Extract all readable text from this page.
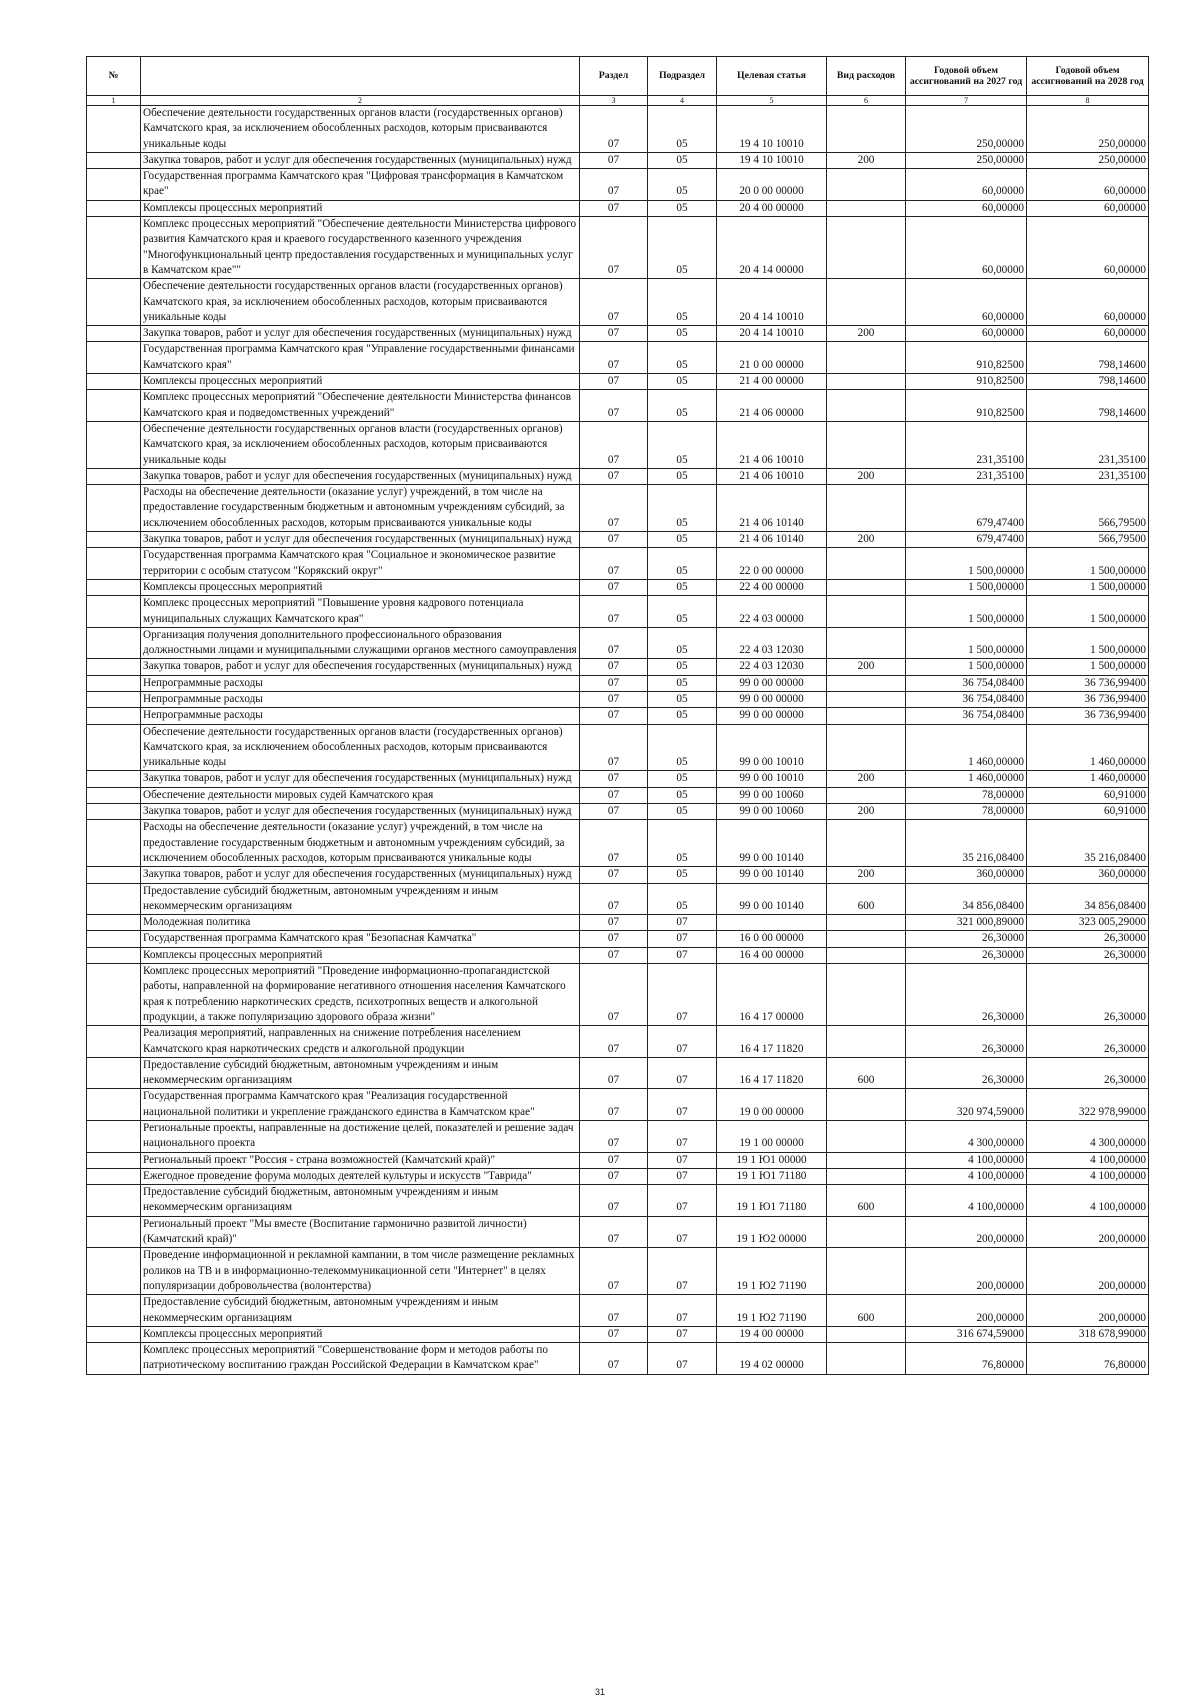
№		Раздел	Подраздел	Целевая статья	Вид расходов	Годовой объем ассигнований на 2027 год	Годовой объем ассигнований на 2028 год
1	2	3	4	5	6	7	8
	Обеспечение деятельности государственных органов власти (государственных органов) Камчатского края, за исключением обособленных расходов, которым присваиваются уникальные коды	07	05	19 4 10 10010		250,00000	250,00000
	Закупка товаров, работ и услуг для обеспечения государственных (муниципальных) нужд	07	05	19 4 10 10010	200	250,00000	250,00000
	Государственная программа Камчатского края "Цифровая трансформация в Камчатском крае"	07	05	20 0 00 00000		60,00000	60,00000
	Комплексы процессных мероприятий	07	05	20 4 00 00000		60,00000	60,00000
	Комплекс процессных мероприятий "Обеспечение деятельности Министерства цифрового развития Камчатского края и краевого государственного казенного учреждения "Многофункциональный центр предоставления государственных и муниципальных услуг в Камчатском крае""	07	05	20 4 14 00000		60,00000	60,00000
	Обеспечение деятельности государственных органов власти (государственных органов) Камчатского края, за исключением обособленных расходов, которым присваиваются уникальные коды	07	05	20 4 14 10010		60,00000	60,00000
	Закупка товаров, работ и услуг для обеспечения государственных (муниципальных) нужд	07	05	20 4 14 10010	200	60,00000	60,00000
	Государственная программа Камчатского края "Управление государственными финансами Камчатского края"	07	05	21 0 00 00000		910,82500	798,14600
	Комплексы процессных мероприятий	07	05	21 4 00 00000		910,82500	798,14600
	Комплекс процессных мероприятий "Обеспечение деятельности Министерства финансов Камчатского края и подведомственных учреждений"	07	05	21 4 06 00000		910,82500	798,14600
	Обеспечение деятельности государственных органов власти (государственных органов) Камчатского края, за исключением обособленных расходов, которым присваиваются уникальные коды	07	05	21 4 06 10010		231,35100	231,35100
	Закупка товаров, работ и услуг для обеспечения государственных (муниципальных) нужд	07	05	21 4 06 10010	200	231,35100	231,35100
	Расходы на обеспечение деятельности (оказание услуг) учреждений, в том числе на предоставление государственным бюджетным и автономным учреждениям субсидий, за исключением обособленных расходов, которым присваиваются уникальные коды	07	05	21 4 06 10140		679,47400	566,79500
	Закупка товаров, работ и услуг для обеспечения государственных (муниципальных) нужд	07	05	21 4 06 10140	200	679,47400	566,79500
	Государственная программа Камчатского края "Социальное и экономическое развитие территории с особым статусом "Корякский округ"	07	05	22 0 00 00000		1 500,00000	1 500,00000
	Комплексы процессных мероприятий	07	05	22 4 00 00000		1 500,00000	1 500,00000
	Комплекс процессных мероприятий "Повышение уровня кадрового потенциала муниципальных служащих Камчатского края"	07	05	22 4 03 00000		1 500,00000	1 500,00000
	Организация получения дополнительного профессионального образования должностными лицами и муниципальными служащими органов местного самоуправления	07	05	22 4 03 12030		1 500,00000	1 500,00000
	Закупка товаров, работ и услуг для обеспечения государственных (муниципальных) нужд	07	05	22 4 03 12030	200	1 500,00000	1 500,00000
	Непрограммные расходы	07	05	99 0 00 00000		36 754,08400	36 736,99400
	Непрограммные расходы	07	05	99 0 00 00000		36 754,08400	36 736,99400
	Непрограммные расходы	07	05	99 0 00 00000		36 754,08400	36 736,99400
	Обеспечение деятельности государственных органов власти (государственных органов) Камчатского края, за исключением обособленных расходов, которым присваиваются уникальные коды	07	05	99 0 00 10010		1 460,00000	1 460,00000
	Закупка товаров, работ и услуг для обеспечения государственных (муниципальных) нужд	07	05	99 0 00 10010	200	1 460,00000	1 460,00000
	Обеспечение деятельности мировых судей Камчатского края	07	05	99 0 00 10060		78,00000	60,91000
	Закупка товаров, работ и услуг для обеспечения государственных (муниципальных) нужд	07	05	99 0 00 10060	200	78,00000	60,91000
	Расходы на обеспечение деятельности (оказание услуг) учреждений, в том числе на предоставление государственным бюджетным и автономным учреждениям субсидий, за исключением обособленных расходов, которым присваиваются уникальные коды	07	05	99 0 00 10140		35 216,08400	35 216,08400
	Закупка товаров, работ и услуг для обеспечения государственных (муниципальных) нужд	07	05	99 0 00 10140	200	360,00000	360,00000
	Предоставление субсидий бюджетным, автономным учреждениям и иным некоммерческим организациям	07	05	99 0 00 10140	600	34 856,08400	34 856,08400
	Молодежная политика	07	07			321 000,89000	323 005,29000
	Государственная программа Камчатского края "Безопасная Камчатка"	07	07	16 0 00 00000		26,30000	26,30000
	Комплексы процессных мероприятий	07	07	16 4 00 00000		26,30000	26,30000
	Комплекс процессных мероприятий "Проведение информационно-пропагандистской работы, направленной на формирование негативного отношения населения Камчатского края к потреблению наркотических средств, психотропных веществ и алкогольной продукции, а также популяризацию здорового образа жизни"	07	07	16 4 17 00000		26,30000	26,30000
	Реализация мероприятий, направленных на снижение потребления населением Камчатского края наркотических средств и алкогольной продукции	07	07	16 4 17 11820		26,30000	26,30000
	Предоставление субсидий бюджетным, автономным учреждениям и иным некоммерческим организациям	07	07	16 4 17 11820	600	26,30000	26,30000
	Государственная программа Камчатского края "Реализация государственной национальной политики и укрепление гражданского единства в Камчатском крае"	07	07	19 0 00 00000		320 974,59000	322 978,99000
	Региональные проекты, направленные на достижение целей, показателей и решение задач национального проекта	07	07	19 1 00 00000		4 300,00000	4 300,00000
	Региональный проект "Россия - страна возможностей (Камчатский край)"	07	07	19 1 Ю1 00000		4 100,00000	4 100,00000
	Ежегодное проведение форума молодых деятелей культуры и искусств "Таврида"	07	07	19 1 Ю1 71180		4 100,00000	4 100,00000
	Предоставление субсидий бюджетным, автономным учреждениям и иным некоммерческим организациям	07	07	19 1 Ю1 71180	600	4 100,00000	4 100,00000
	Региональный проект "Мы вместе (Воспитание гармонично развитой личности) (Камчатский край)"	07	07	19 1 Ю2 00000		200,00000	200,00000
	Проведение информационной и рекламной кампании, в том числе размещение рекламных роликов на ТВ и в информационно-телекоммуникационной сети "Интернет" в целях популяризации добровольчества (волонтерства)	07	07	19 1 Ю2 71190		200,00000	200,00000
	Предоставление субсидий бюджетным, автономным учреждениям и иным некоммерческим организациям	07	07	19 1 Ю2 71190	600	200,00000	200,00000
	Комплексы процессных мероприятий	07	07	19 4 00 00000		316 674,59000	318 678,99000
	Комплекс процессных мероприятий "Совершенствование форм и методов работы по патриотическому воспитанию граждан Российской Федерации в Камчатском крае"	07	07	19 4 02 00000		76,80000	76,80000
31
